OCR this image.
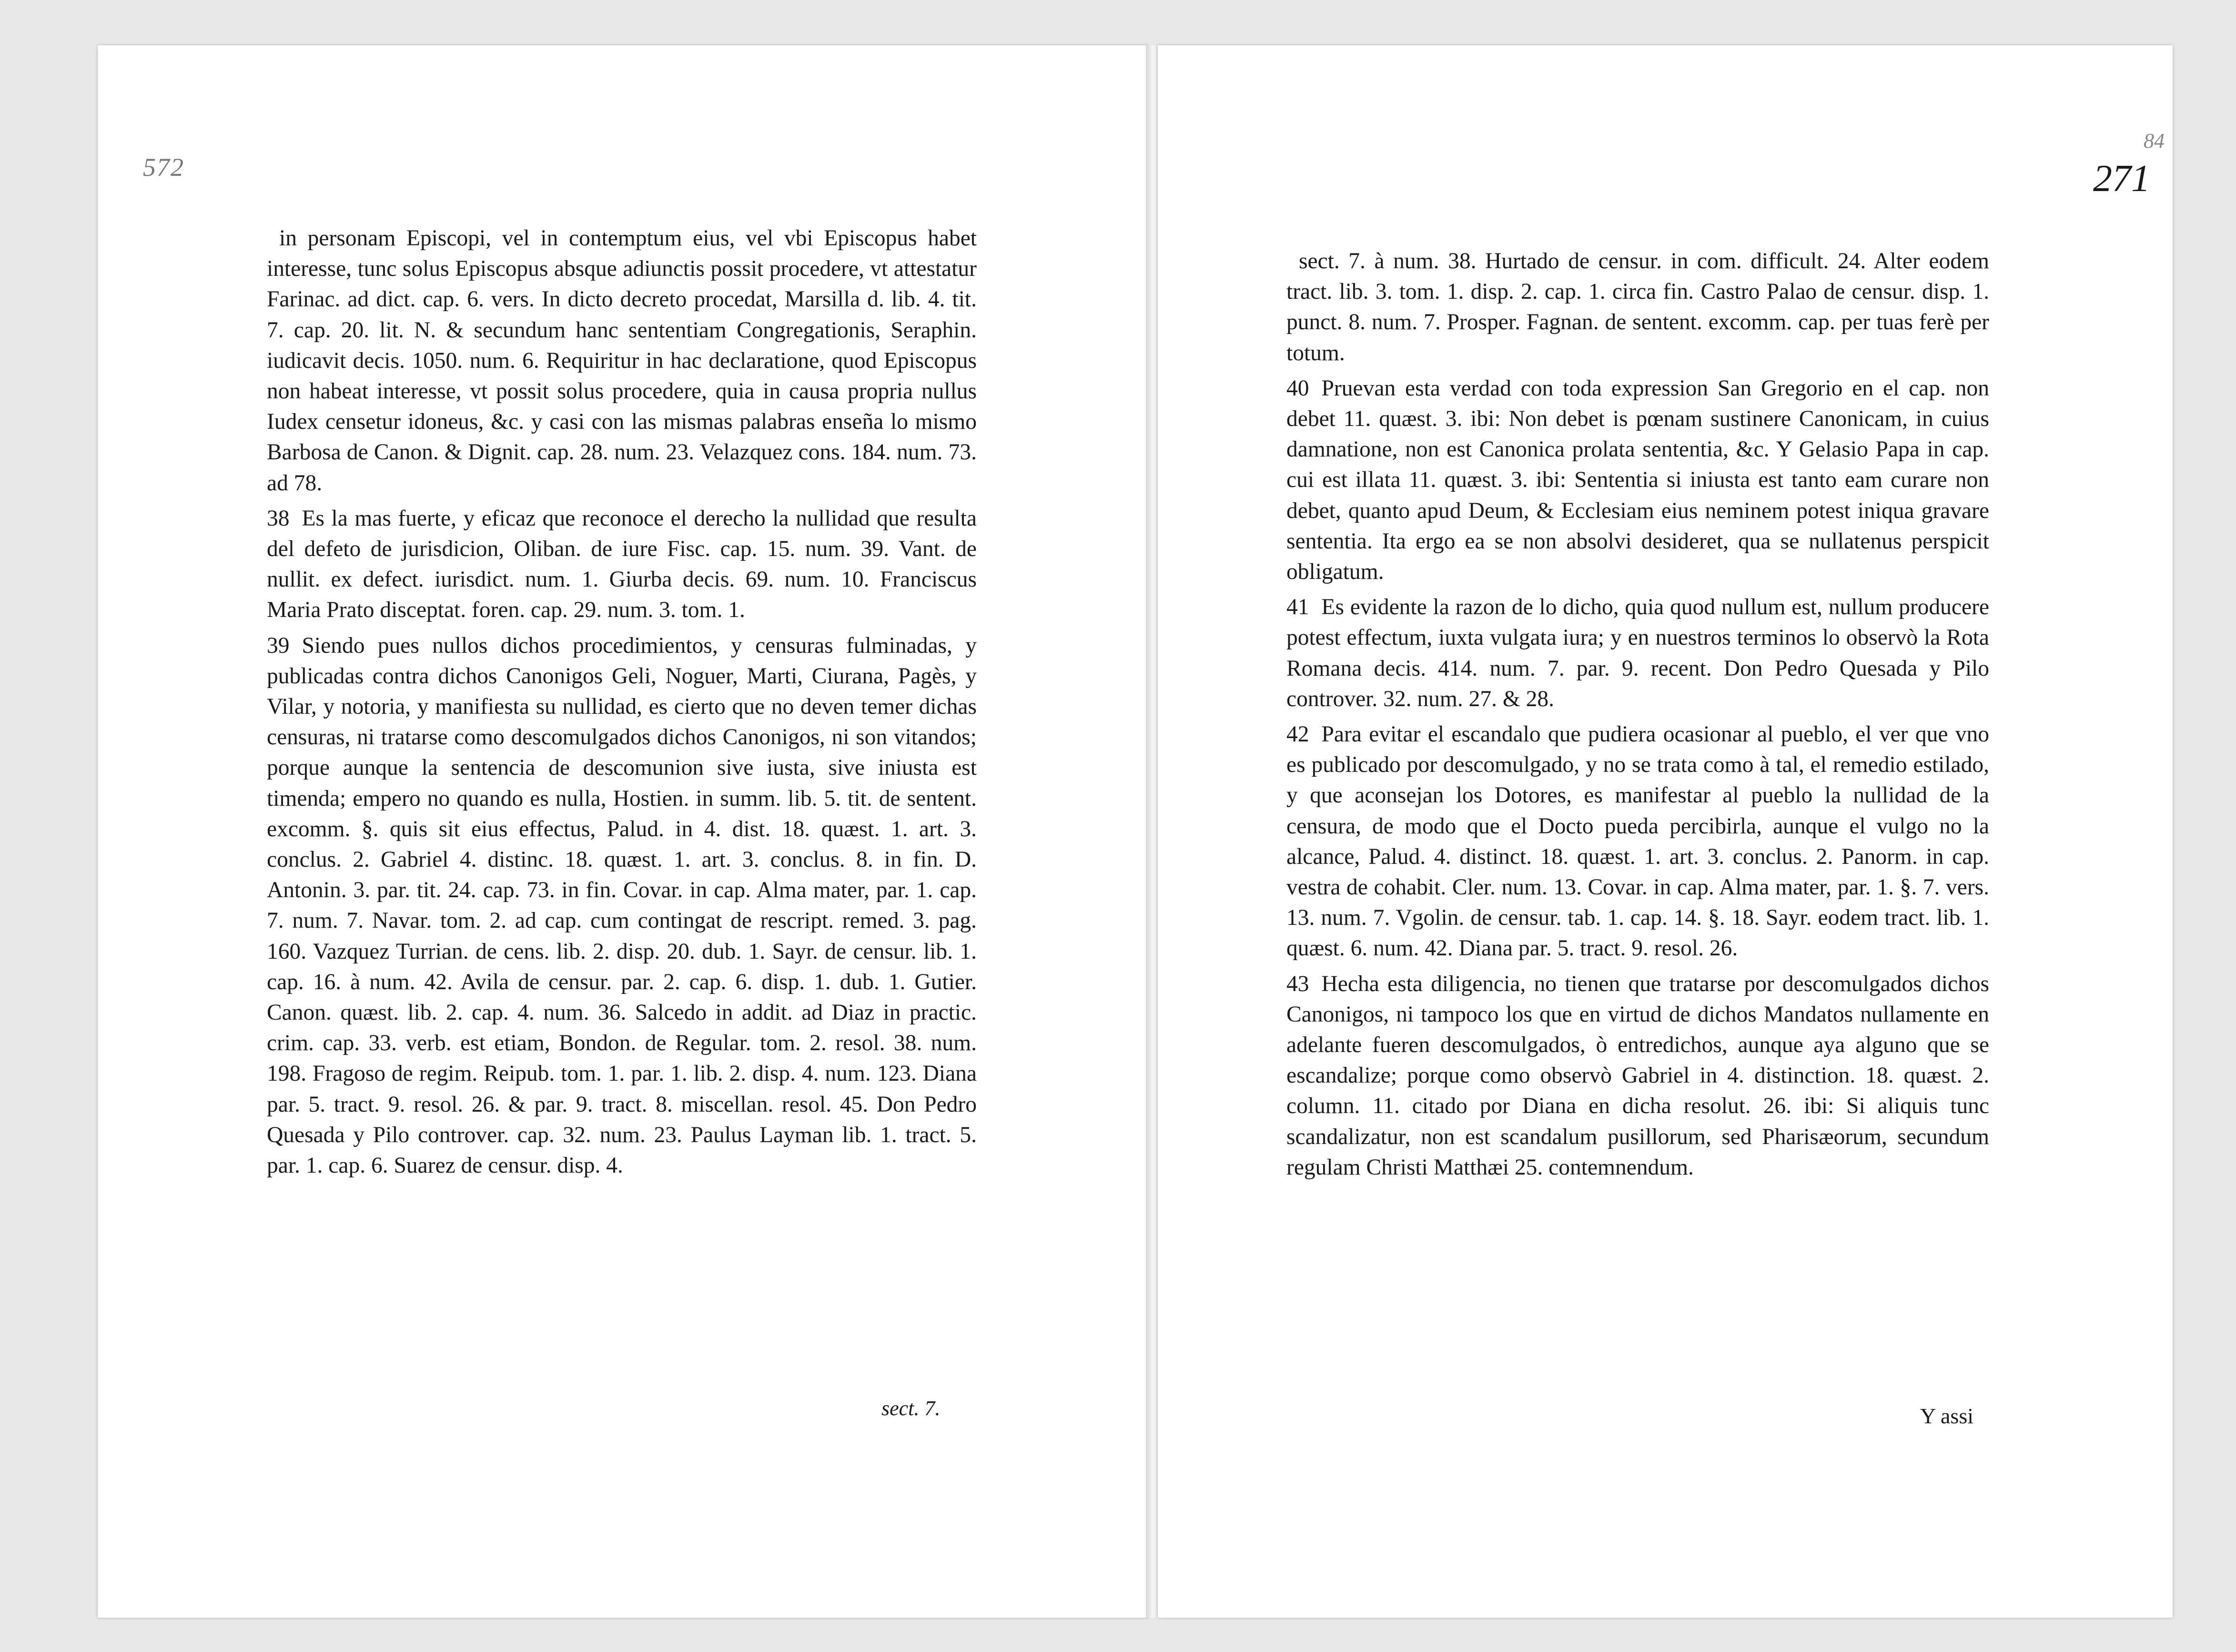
572
84
271

in personam Episcopi, vel in contemptum eius, vel vbi Episcopus habet interesse, tunc solus Episcopus absque adiunctis possit procedere, vt attestatur Farinac. ad dict. cap. 6. vers. In dicto decreto procedat, Marsilla d. lib. 4. tit. 7. cap. 20. lit. N. & secundum hanc sententiam Congregationis, Seraphin. iudicavit decis. 1050. num. 6. Requiritur in hac declaratione, quod Episcopus non habeat interesse, vt possit solus procedere, quia in causa propria nullus Iudex censetur idoneus, &c. y casi con las mismas palabras enseña lo mismo Barbosa de Canon. & Dignit. cap. 28. num. 23. Velazquez cons. 184. num. 73. ad 78.

38 Es la mas fuerte, y eficaz que reconoce el derecho la nullidad que resulta del defeto de jurisdicion, Oliban. de iure Fisc. cap. 15. num. 39. Vant. de nullit. ex defect. iurisdict. num. 1. Giurba decis. 69. num. 10. Franciscus Maria Prato disceptat. foren. cap. 29. num. 3. tom. 1.

39 Siendo pues nullos dichos procedimientos, y censuras fulminadas, y publicadas contra dichos Canonigos Geli, Noguer, Marti, Ciurana, Pagès, y Vilar, y notoria, y manifiesta su nullidad, es cierto que no deven temer dichas censuras, ni tratarse como descomulgados dichos Canonigos, ni son vitandos; porque aunque la sentencia de descomunion sive iusta, sive iniusta est timenda; empero no quando es nulla, Hostien. in summ. lib. 5. tit. de sentent. excomm. §. quis sit eius effectus, Palud. in 4. dist. 18. quæst. 1. art. 3. conclus. 2. Gabriel 4. distinc. 18. quæst. 1. art. 3. conclus. 8. in fin. D. Antonin. 3. par. tit. 24. cap. 73. in fin. Covar. in cap. Alma mater, par. 1. cap. 7. num. 7. Navar. tom. 2. ad cap. cum contingat de rescript. remed. 3. pag. 160. Vazquez Turrian. de cens. lib. 2. disp. 20. dub. 1. Sayr. de censur. lib. 1. cap. 16. à num. 42. Avila de censur. par. 2. cap. 6. disp. 1. dub. 1. Gutier. Canon. quæst. lib. 2. cap. 4. num. 36. Salcedo in addit. ad Diaz in practic. crim. cap. 33. verb. est etiam, Bondon. de Regular. tom. 2. resol. 38. num. 198. Fragoso de regim. Reipub. tom. 1. par. 1. lib. 2. disp. 4. num. 123. Diana par. 5. tract. 9. resol. 26. & par. 9. tract. 8. miscellan. resol. 45. Don Pedro Quesada y Pilo controver. cap. 32. num. 23. Paulus Layman lib. 1. tract. 5. par. 1. cap. 6. Suarez de censur. disp. 4.

sect. 7.

sect. 7. à num. 38. Hurtado de censur. in com. difficult. 24. Alter eodem tract. lib. 3. tom. 1. disp. 2. cap. 1. circa fin. Castro Palao de censur. disp. 1. punct. 8. num. 7. Prosper. Fagnan. de sentent. excomm. cap. per tuas ferè per totum.

40 Pruevan esta verdad con toda expression San Gregorio en el cap. non debet 11. quæst. 3. ibi: Non debet is pœnam sustinere Canonicam, in cuius damnatione, non est Canonica prolata sententia, &c. Y Gelasio Papa in cap. cui est illata 11. quæst. 3. ibi: Sententia si iniusta est tanto eam curare non debet, quanto apud Deum, & Ecclesiam eius neminem potest iniqua gravare sententia. Ita ergo ea se non absolvi desideret, qua se nullatenus perspicit obligatum.

41 Es evidente la razon de lo dicho, quia quod nullum est, nullum producere potest effectum, iuxta vulgata iura; y en nuestros terminos lo observò la Rota Romana decis. 414. num. 7. par. 9. recent. Don Pedro Quesada y Pilo controver. 32. num. 27. & 28.

42 Para evitar el escandalo que pudiera ocasionar al pueblo, el ver que vno es publicado por descomulgado, y no se trata como à tal, el remedio estilado, y que aconsejan los Dotores, es manifestar al pueblo la nullidad de la censura, de modo que el Docto pueda percibirla, aunque el vulgo no la alcance, Palud. 4. distinct. 18. quæst. 1. art. 3. conclus. 2. Panorm. in cap. vestra de cohabit. Cler. num. 13. Covar. in cap. Alma mater, par. 1. §. 7. vers. 13. num. 7. Vgolin. de censur. tab. 1. cap. 14. §. 18. Sayr. eodem tract. lib. 1. quæst. 6. num. 42. Diana par. 5. tract. 9. resol. 26.

43 Hecha esta diligencia, no tienen que tratarse por descomulgados dichos Canonigos, ni tampoco los que en virtud de dichos Mandatos nullamente en adelante fueren descomulgados, ò entredichos, aunque aya alguno que se escandalize; porque como observò Gabriel in 4. distinction. 18. quæst. 2. column. 11. citado por Diana en dicha resolut. 26. ibi: Si aliquis tunc scandalizatur, non est scandalum pusillorum, sed Pharisæorum, secundum regulam Christi Matthæi 25. contemnendum.

Y assi
